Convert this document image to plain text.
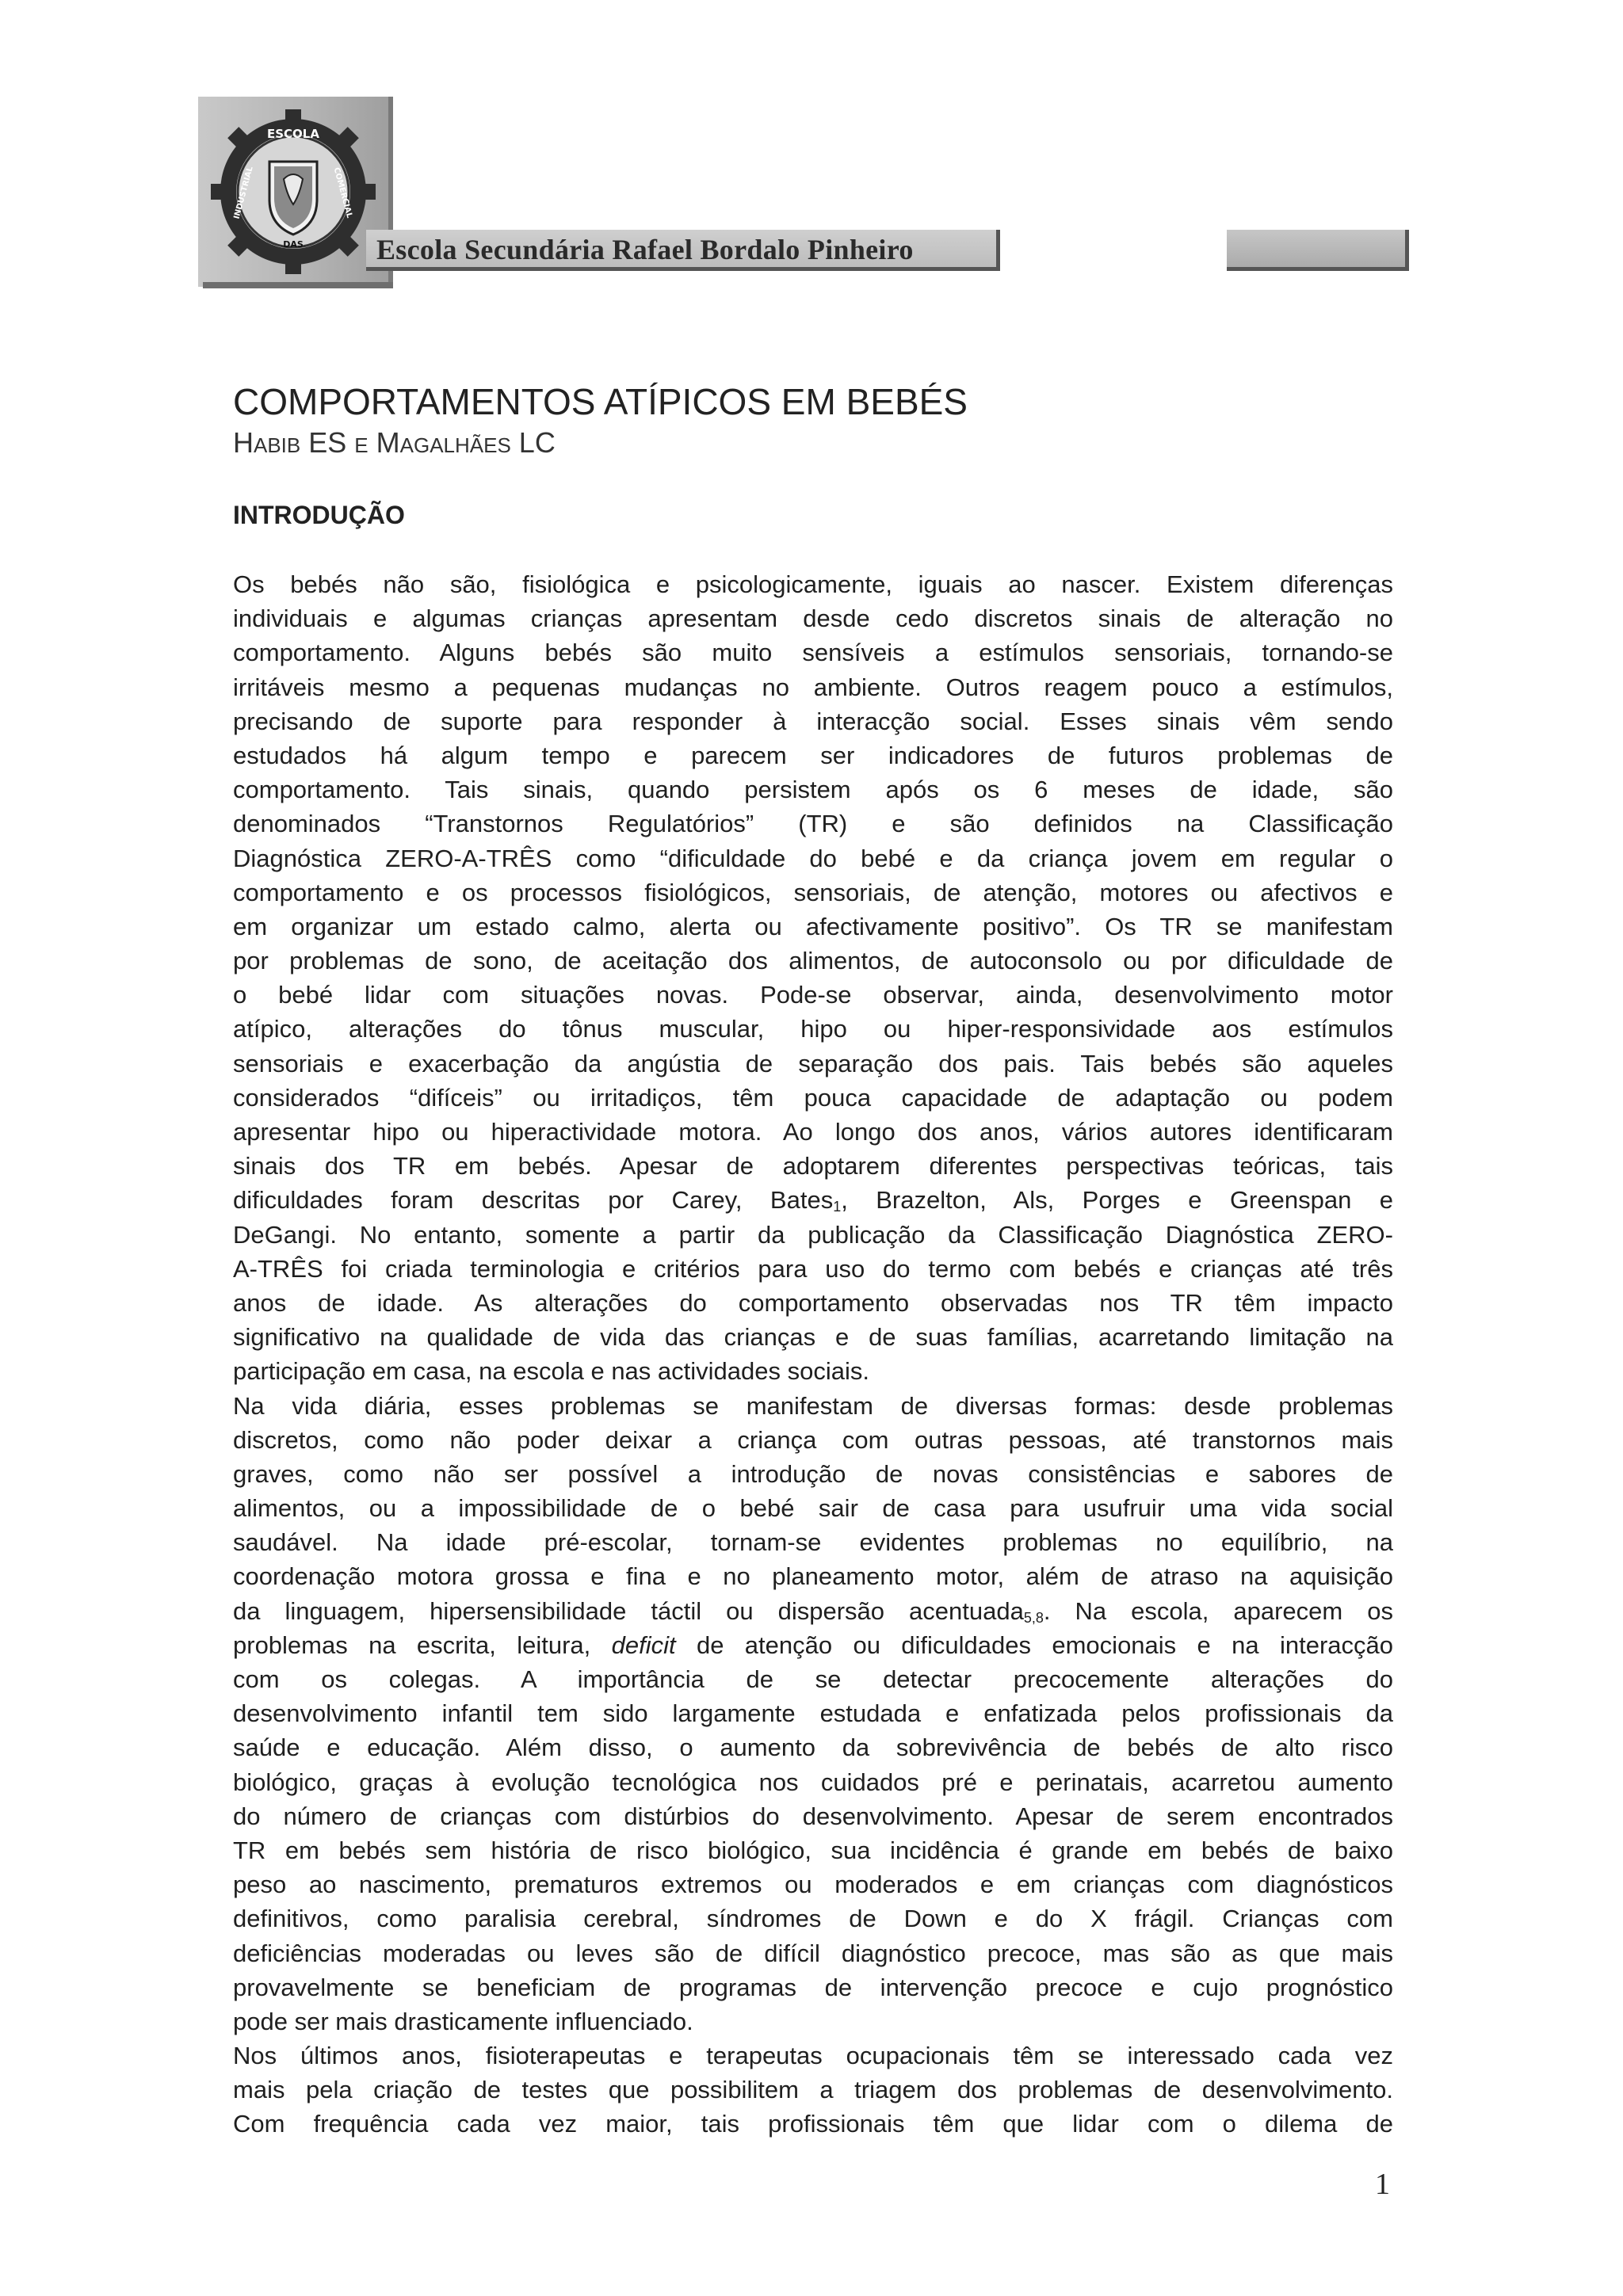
ESCOLA
DAS
INDUSTRIAL	COMERCIAL
Escola Secundária Rafael Bordalo Pinheiro
COMPORTAMENTOS ATÍPICOS EM BEBÉS
HABIB ES E MAGALHÃES LC
INTRODUÇÃO
Os bebés não são, fisiológica e psicologicamente, iguais ao nascer. Existem diferenças
individuais e algumas crianças apresentam desde cedo discretos sinais de alteração no
comportamento. Alguns bebés são muito sensíveis a estímulos sensoriais, tornando-se
irritáveis mesmo a pequenas mudanças no ambiente. Outros reagem pouco a estímulos,
precisando de suporte para responder à interacção social. Esses sinais vêm sendo
estudados há algum tempo e parecem ser indicadores de futuros problemas de
comportamento. Tais sinais, quando persistem após os 6 meses de idade, são
denominados “Transtornos Regulatórios” (TR) e são definidos na Classificação
Diagnóstica ZERO-A-TRÊS como “dificuldade do bebé e da criança jovem em regular o
comportamento e os processos fisiológicos, sensoriais, de atenção, motores ou afectivos e
em organizar um estado calmo, alerta ou afectivamente positivo”. Os TR se manifestam
por problemas de sono, de aceitação dos alimentos, de autoconsolo ou por dificuldade de
o bebé lidar com situações novas. Pode-se observar, ainda, desenvolvimento motor
atípico, alterações do tônus muscular, hipo ou hiper-responsividade aos estímulos
sensoriais e exacerbação da angústia de separação dos pais. Tais bebés são aqueles
considerados “difíceis” ou irritadiços, têm pouca capacidade de adaptação ou podem
apresentar hipo ou hiperactividade motora. Ao longo dos anos, vários autores identificaram
sinais dos TR em bebés. Apesar de adoptarem diferentes perspectivas teóricas, tais
dificuldades foram descritas por Carey, Bates$_1$, Brazelton, Als, Porges e Greenspan e
DeGangi. No entanto, somente a partir da publicação da Classificação Diagnóstica ZERO-
A-TRÊS foi criada terminologia e critérios para uso do termo com bebés e crianças até três
anos de idade. As alterações do comportamento observadas nos TR têm impacto
significativo na qualidade de vida das crianças e de suas famílias, acarretando limitação na
participação em casa, na escola e nas actividades sociais.
Na vida diária, esses problemas se manifestam de diversas formas: desde problemas
discretos, como não poder deixar a criança com outras pessoas, até transtornos mais
graves, como não ser possível a introdução de novas consistências e sabores de
alimentos, ou a impossibilidade de o bebé sair de casa para usufruir uma vida social
saudável. Na idade pré-escolar, tornam-se evidentes problemas no equilíbrio, na
coordenação motora grossa e fina e no planeamento motor, além de atraso na aquisição
da linguagem, hipersensibilidade táctil ou dispersão acentuada$_{5,8}$. Na escola, aparecem os
problemas na escrita, leitura, deficit de atenção ou dificuldades emocionais e na interacção
com os colegas. A importância de se detectar precocemente alterações do
desenvolvimento infantil tem sido largamente estudada e enfatizada pelos profissionais da
saúde e educação. Além disso, o aumento da sobrevivência de bebés de alto risco
biológico, graças à evolução tecnológica nos cuidados pré e perinatais, acarretou aumento
do número de crianças com distúrbios do desenvolvimento. Apesar de serem encontrados
TR em bebés sem história de risco biológico, sua incidência é grande em bebés de baixo
peso ao nascimento, prematuros extremos ou moderados e em crianças com diagnósticos
definitivos, como paralisia cerebral, síndromes de Down e do X frágil. Crianças com
deficiências moderadas ou leves são de difícil diagnóstico precoce, mas são as que mais
provavelmente se beneficiam de programas de intervenção precoce e cujo prognóstico
pode ser mais drasticamente influenciado.
Nos últimos anos, fisioterapeutas e terapeutas ocupacionais têm se interessado cada vez
mais pela criação de testes que possibilitem a triagem dos problemas de desenvolvimento.
Com frequência cada vez maior, tais profissionais têm que lidar com o dilema de
1
